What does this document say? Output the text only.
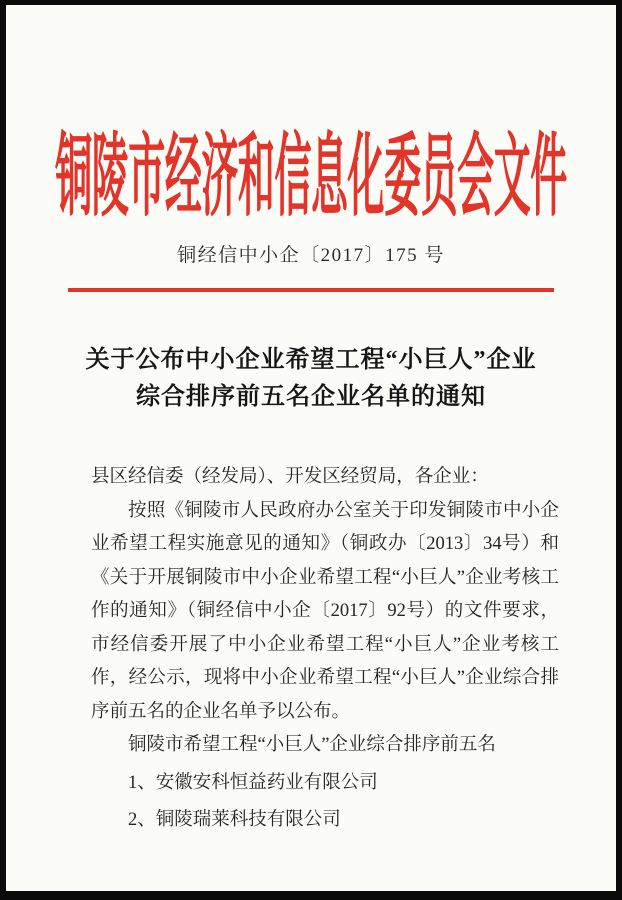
铜陵市经济和信息化委员会文件
铜经信中小企〔2017〕175 号
关于公布中小企业希望工程“小巨人”企业
综合排序前五名企业名单的通知
县区经信委（经发局）、开发区经贸局，各企业：
按照《铜陵市人民政府办公室关于印发铜陵市中小企业希望工程实施意见的通知》（铜政办〔2013〕34号）和《关于开展铜陵市中小企业希望工程“小巨人”企业考核工作的通知》（铜经信中小企〔2017〕92号）的文件要求，市经信委开展了中小企业希望工程“小巨人”企业考核工作，经公示，现将中小企业希望工程“小巨人”企业综合排序前五名的企业名单予以公布。
铜陵市希望工程“小巨人”企业综合排序前五名
1、安徽安科恒益药业有限公司
2、铜陵瑞莱科技有限公司
